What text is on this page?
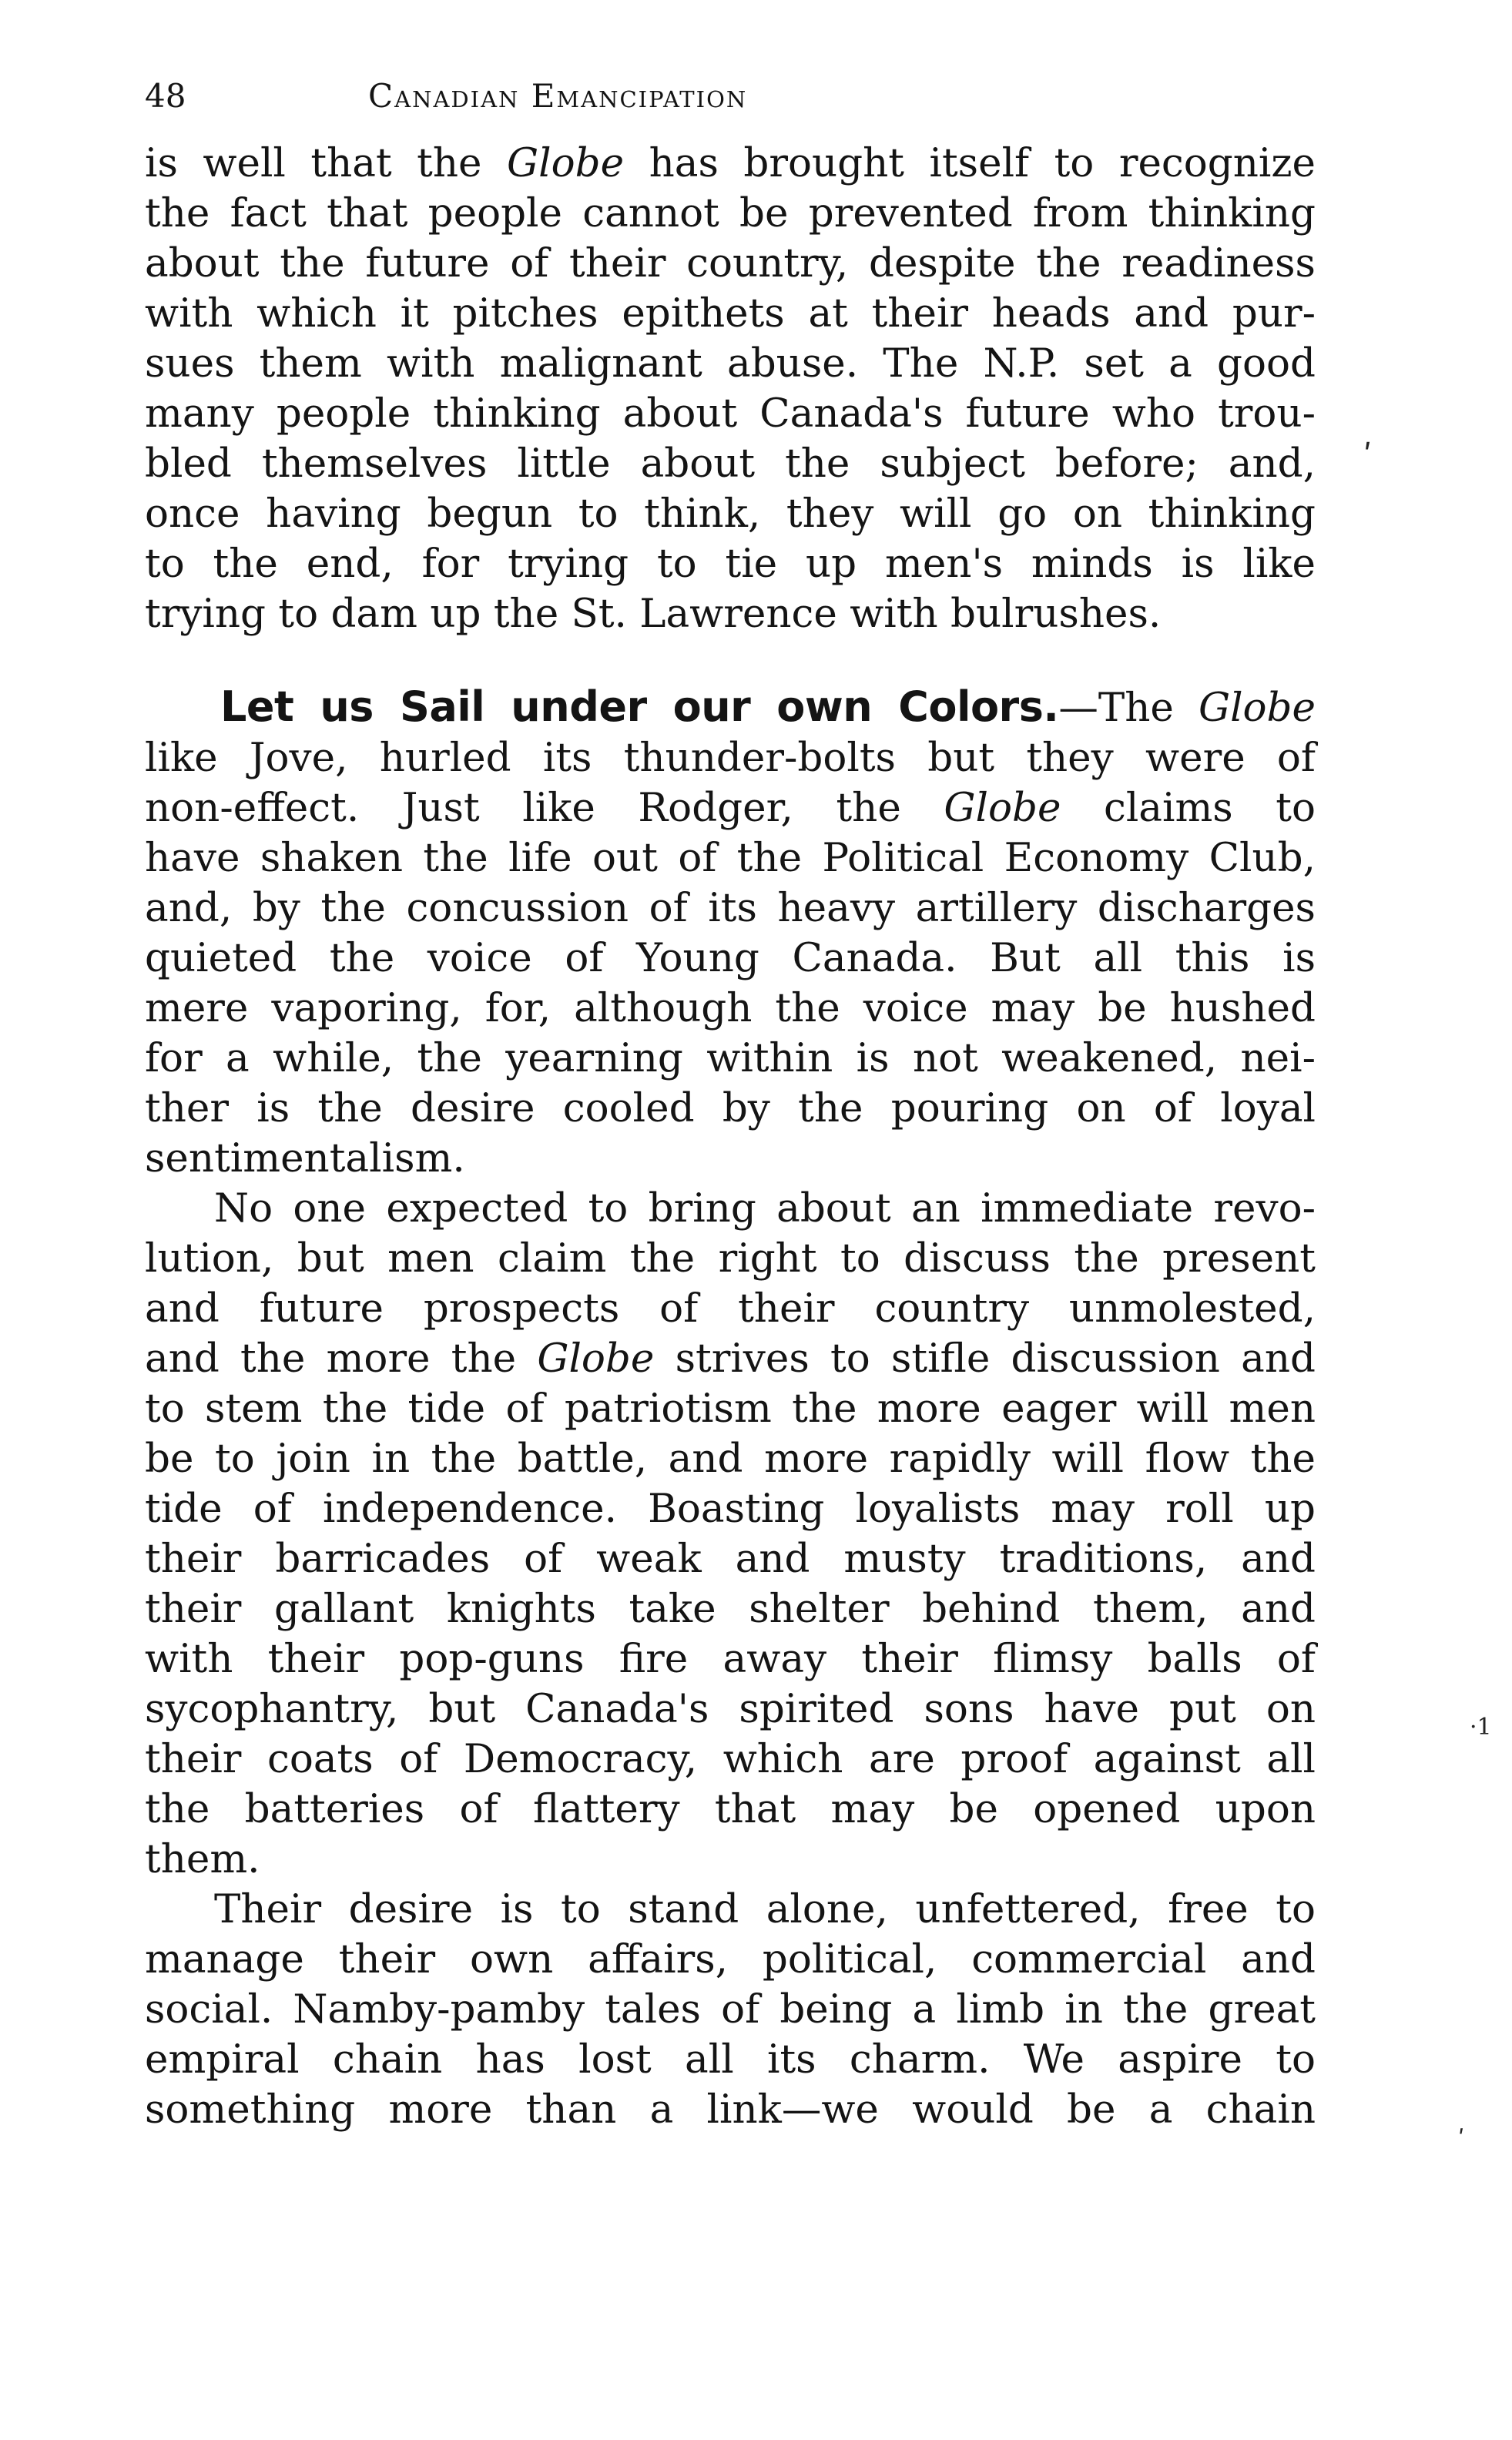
48	Canadian Emancipation

is well that the Globe has brought itself to recognize
the fact that people cannot be prevented from thinking
about the future of their country, despite the readiness
with which it pitches epithets at their heads and pur-
sues them with malignant abuse. The N.P. set a good
many people thinking about Canada's future who trou-
bled themselves little about the subject before; and,
once having begun to think, they will go on thinking
to the end, for trying to tie up men's minds is like
trying to dam up the St. Lawrence with bulrushes.

Let us Sail under our own Colors.—The Globe
like Jove, hurled its thunder-bolts but they were of
non-effect. Just like Rodger, the Globe claims to
have shaken the life out of the Political Economy Club,
and, by the concussion of its heavy artillery discharges
quieted the voice of Young Canada. But all this is
mere vaporing, for, although the voice may be hushed
for a while, the yearning within is not weakened, nei-
ther is the desire cooled by the pouring on of loyal
sentimentalism.

No one expected to bring about an immediate revo-
lution, but men claim the right to discuss the present
and future prospects of their country unmolested,
and the more the Globe strives to stifle discussion and
to stem the tide of patriotism the more eager will men
be to join in the battle, and more rapidly will flow the
tide of independence. Boasting loyalists may roll up
their barricades of weak and musty traditions, and
their gallant knights take shelter behind them, and
with their pop-guns fire away their flimsy balls of
sycophantry, but Canada's spirited sons have put on
their coats of Democracy, which are proof against all
the batteries of flattery that may be opened upon
them.

Their desire is to stand alone, unfettered, free to
manage their own affairs, political, commercial and
social. Namby-pamby tales of being a limb in the great
empiral chain has lost all its charm. We aspire to
something more than a link—we would be a chain

ʹ
·1
ʹ
